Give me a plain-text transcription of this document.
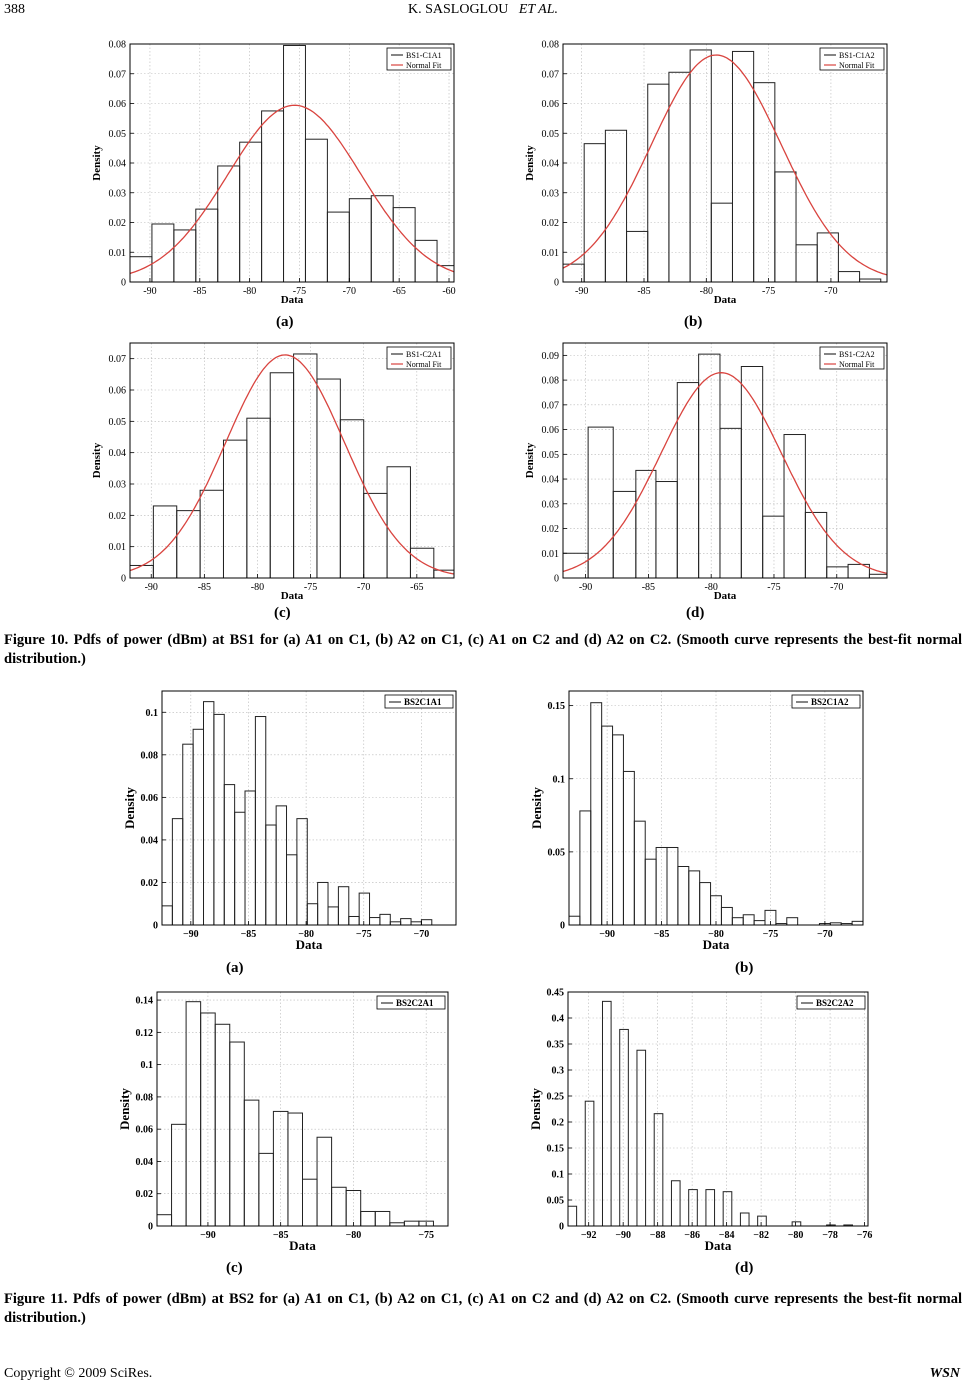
388	K. SASLOGLOU ET AL.
0
0.01
0.02
0.03
0.04
0.05
0.06
0.07
0.08
-90	-85	-80	-75	-70	-65	-60
Data
Density
BS1-C1A1
Normal Fit
0
0.01
0.02
0.03
0.04
0.05
0.06
0.07
0.08
-90	-85	-80	-75	-70
Data
Density
BS1-C1A2
Normal Fit
0
0.01
0.02
0.03
0.04
0.05
0.06
0.07
-90	-85	-80	-75	-70	-65
Data
Density
BS1-C2A1
Normal Fit
0
0.01
0.02
0.03
0.04
0.05
0.06
0.07
0.08
0.09
-90	-85	-80	-75	-70
Data
Density
BS1-C2A2
Normal Fit
0
0.02
0.04
0.06
0.08
0.1
−90	−85	−80	−75	−70
Data
Density
BS2C1A1
0
0.05
0.1
0.15
−90	−85	−80	−75	−70
Data
Density
BS2C1A2
0
0.02
0.04
0.06
0.08
0.1
0.12
0.14
−90	−85	−80	−75
Data
Density
BS2C2A1
0
0.05
0.1
0.15
0.2
0.25
0.3
0.35
0.4
0.45
−92 −90 −88 −86 −84 −82 −80 −78 −76
Data
Density
BS2C2A2
(a)	(b)
(c)	(d)
Figure 10. Pdfs of power (dBm) at BS1 for (a) A1 on C1, (b) A2 on C1, (c) A1 on C2 and (d) A2 on C2. (Smooth curve represents the best-fit normal distribution.)
(a)	(b)
(c)	(d)
Figure 11. Pdfs of power (dBm) at BS2 for (a) A1 on C1, (b) A2 on C1, (c) A1 on C2 and (d) A2 on C2. (Smooth curve represents the best-fit normal distribution.)
Copyright © 2009 SciRes.	WSN
